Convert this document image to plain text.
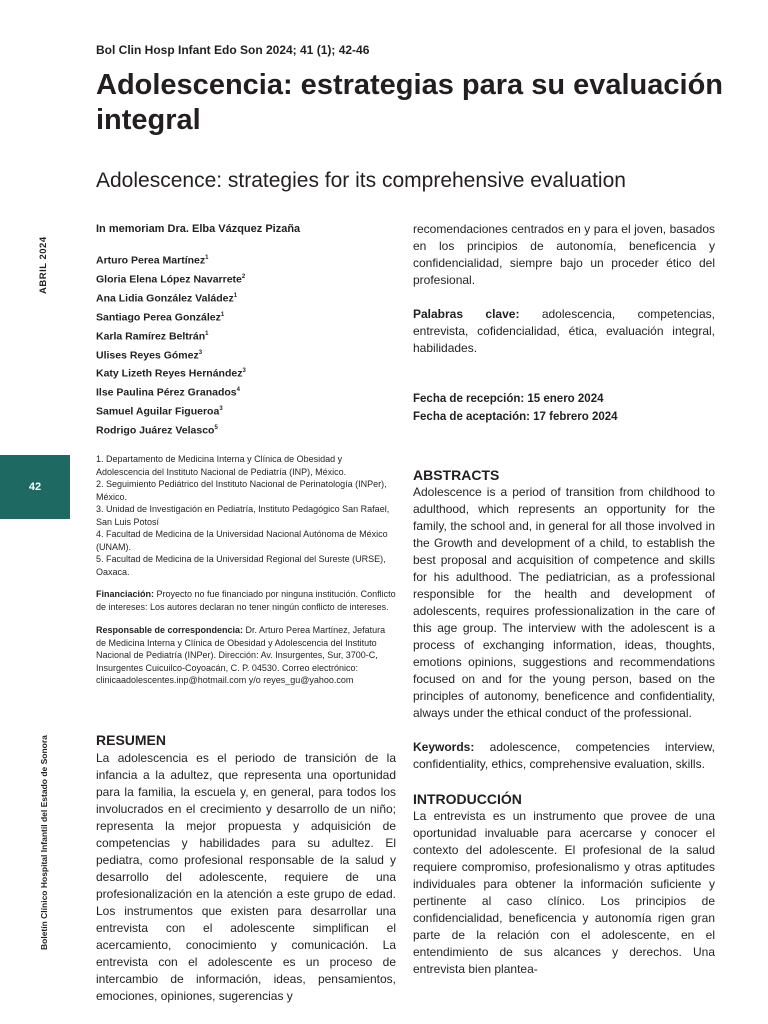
ABRIL 2024
42
Boletín Clínico Hospital Infantil del Estado de Sonora
Bol Clin Hosp Infant Edo Son 2024; 41 (1); 42-46
Adolescencia: estrategias para su evaluación integral
Adolescence: strategies for its comprehensive evaluation

In memoriam Dra. Elba Vázquez Pizaña

Arturo Perea Martínez$^1$
Gloria Elena López Navarrete$^2$
Ana Lidia González Valádez$^1$
Santiago Perea González$^1$
Karla Ramírez Beltrán$^1$
Ulises Reyes Gómez$^3$
Katy Lizeth Reyes Hernández$^3$
Ilse Paulina Pérez Granados$^4$
Samuel Aguilar Figueroa$^3$
Rodrigo Juárez Velasco$^5$
1. Departamento de Medicina Interna y Clínica de Obesidad y Adolescencia del Instituto Nacional de Pediatría (INP), México.
2. Seguimiento Pediátrico del Instituto Nacional de Perinatología (INPer), México.
3. Unidad de Investigación en Pediatría, Instituto Pedagógico San Rafael, San Luis Potosí
4. Facultad de Medicina de la Universidad Nacional Autónoma de México (UNAM).
5. Facultad de Medicina de la Universidad Regional del Sureste (URSE), Oaxaca.

Financiación: Proyecto no fue financiado por ninguna institución. Conflicto de intereses: Los autores declaran no tener ningún conflicto de intereses.

Responsable de correspondencia: Dr. Arturo Perea Martínez, Jefatura de Medicina Interna y Clínica de Obesidad y Adolescencia del Instituto Nacional de Pediatría (INPer). Dirección: Av. Insurgentes, Sur, 3700-C, Insurgentes Cuicuilco-Coyoacán, C. P. 04530. Correo electrónico: clinicaadolescentes.inp@hotmail.com y/o reyes_gu@yahoo.com

RESUMEN

La adolescencia es el periodo de transición de la infancia a la adultez, que representa una oportunidad para la familia, la escuela y, en general, para todos los involucrados en el crecimiento y desarrollo de un niño; representa la mejor propuesta y adquisición de competencias y habilidades para su adultez. El pediatra, como profesional responsable de la salud y desarrollo del adolescente, requiere de una profesionalización en la atención a este grupo de edad. Los instrumentos que existen para desarrollar una entrevista con el adolescente simplifican el acercamiento, conocimiento y comunicación. La entrevista con el adolescente es un proceso de intercambio de información, ideas, pensamientos, emociones, opiniones, sugerencias y

recomendaciones centrados en y para el joven, basados en los principios de autonomía, beneficencia y confidencialidad, siempre bajo un proceder ético del profesional.

Palabras clave: adolescencia, competencias, entrevista, cofidencialidad, ética, evaluación integral, habilidades.

Fecha de recepción: 15 enero 2024

Fecha de aceptación: 17 febrero 2024

ABSTRACTS

Adolescence is a period of transition from childhood to adulthood, which represents an opportunity for the family, the school and, in general for all those involved in the Growth and development of a child, to establish the best proposal and acquisition of competence and skills for his adulthood. The pediatrician, as a professional responsible for the health and development of adolescents, requires professionalization in the care of this age group. The interview with the adolescent is a process of exchanging information, ideas, thoughts, emotions opinions, suggestions and recommendations focused on and for the young person, based on the principles of autonomy, beneficence and confidentiality, always under the ethical conduct of the professional.

Keywords: adolescence, competencies interview, confidentiality, ethics, comprehensive evaluation, skills.

INTRODUCCIÓN

La entrevista es un instrumento que provee de una oportunidad invaluable para acercarse y conocer el contexto del adolescente. El profesional de la salud requiere compromiso, profesionalismo y otras aptitudes individuales para obtener la información suficiente y pertinente al caso clínico. Los principios de confidencialidad, beneficencia y autonomía rigen gran parte de la relación con el adolescente, en el entendimiento de sus alcances y derechos. Una entrevista bien plantea-
